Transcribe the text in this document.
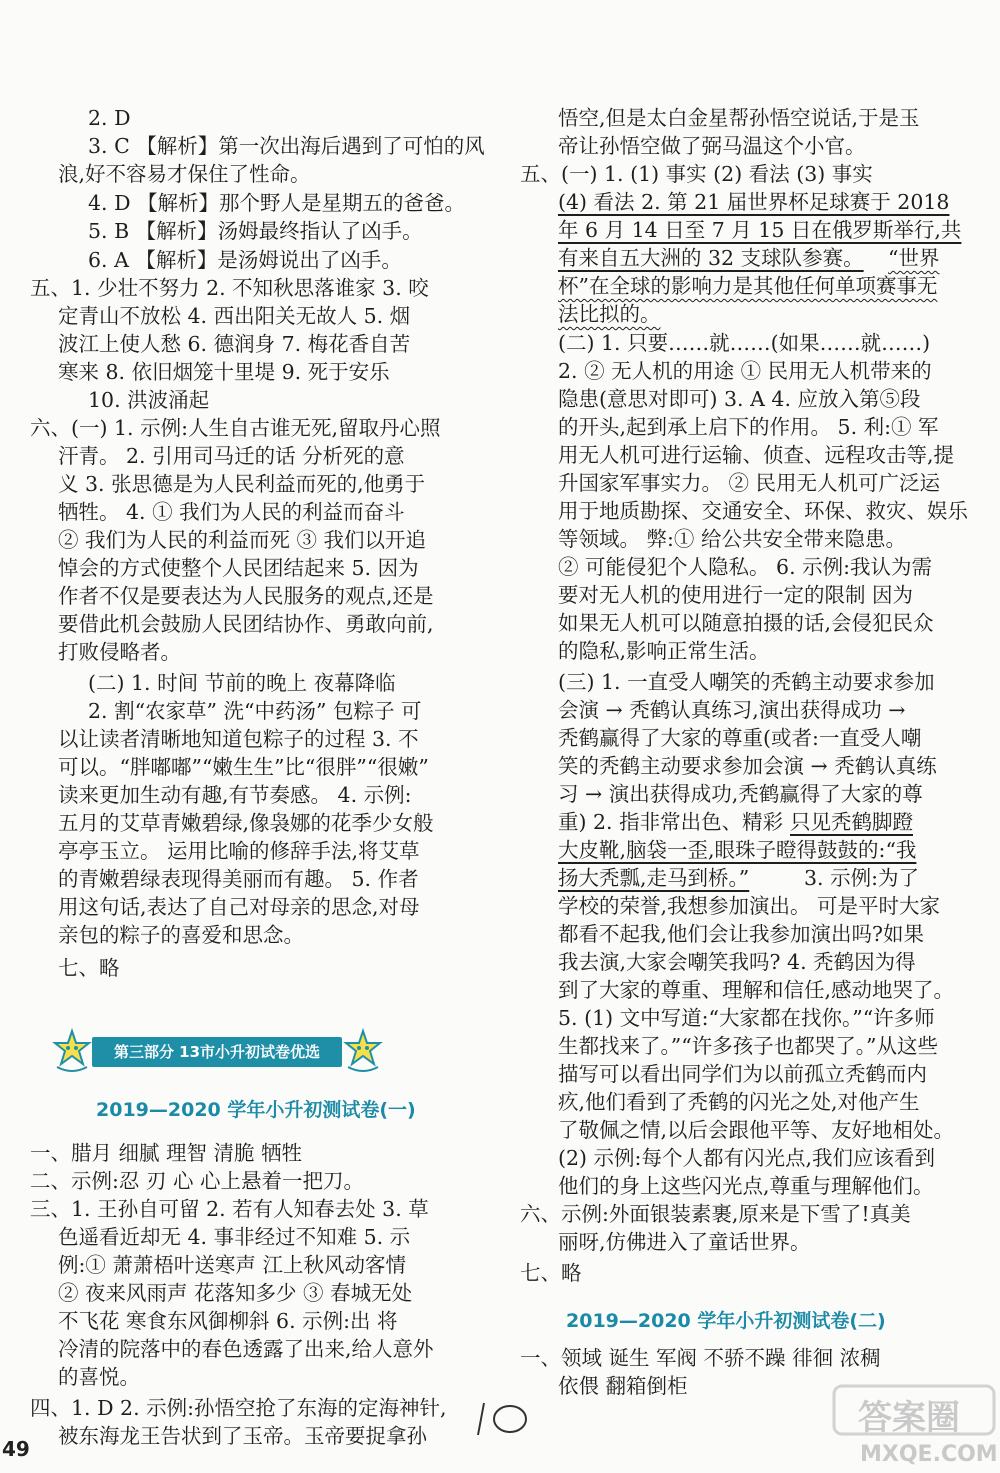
2. D
3. C 【解析】第一次出海后遇到了可怕的风
浪,好不容易才保住了性命。
4. D 【解析】那个野人是星期五的爸爸。
5. B 【解析】汤姆最终指认了凶手。
6. A 【解析】是汤姆说出了凶手。
五、1. 少壮不努力 2. 不知秋思落谁家 3. 咬
定青山不放松 4. 西出阳关无故人 5. 烟
波江上使人愁 6. 德润身 7. 梅花香自苦
寒来 8. 依旧烟笼十里堤 9. 死于安乐
10. 洪波涌起
六、(一) 1. 示例:人生自古谁无死,留取丹心照
汗青。 2. 引用司马迁的话 分析死的意
义 3. 张思德是为人民利益而死的,他勇于
牺牲。 4. ① 我们为人民的利益而奋斗
② 我们为人民的利益而死 ③ 我们以开追
悼会的方式使整个人民团结起来 5. 因为
作者不仅是要表达为人民服务的观点,还是
要借此机会鼓励人民团结协作、勇敢向前,
打败侵略者。
(二) 1. 时间 节前的晚上 夜幕降临
2. 割“农家草” 洗“中药汤” 包粽子 可
以让读者清晰地知道包粽子的过程 3. 不
可以。“胖嘟嘟”“嫩生生”比“很胖”“很嫩”
读来更加生动有趣,有节奏感。 4. 示例:
五月的艾草青嫩碧绿,像袅娜的花季少女般
亭亭玉立。 运用比喻的修辞手法,将艾草
的青嫩碧绿表现得美丽而有趣。 5. 作者
用这句话,表达了自己对母亲的思念,对母
亲包的粽子的喜爱和思念。
七、略
第三部分 13市小升初试卷优选
2019—2020 学年小升初测试卷(一)
一、腊月 细腻 理智 清脆 牺牲
二、示例:忍 刃 心 心上悬着一把刀。
三、1. 王孙自可留 2. 若有人知春去处 3. 草
色遥看近却无 4. 事非经过不知难 5. 示
例:① 萧萧梧叶送寒声 江上秋风动客情
② 夜来风雨声 花落知多少 ③ 春城无处
不飞花 寒食东风御柳斜 6. 示例:出 将
冷清的院落中的春色透露了出来,给人意外
的喜悦。
四、1. D 2. 示例:孙悟空抢了东海的定海神针,
被东海龙王告状到了玉帝。玉帝要捉拿孙
悟空,但是太白金星帮孙悟空说话,于是玉
帝让孙悟空做了弼马温这个小官。
五、(一) 1. (1) 事实 (2) 看法 (3) 事实
(4) 看法 2. 第 21 届世界杯足球赛于 2018
年 6 月 14 日至 7 月 15 日在俄罗斯举行,共
有来自五大洲的 32 支球队参赛。 “世界
杯”在全球的影响力是其他任何单项赛事无
法比拟的。
(二) 1. 只要……就……(如果……就……)
2. ② 无人机的用途 ① 民用无人机带来的
隐患(意思对即可) 3. A 4. 应放入第⑤段
的开头,起到承上启下的作用。 5. 利:① 军
用无人机可进行运输、侦查、远程攻击等,提
升国家军事实力。 ② 民用无人机可广泛运
用于地质勘探、交通安全、环保、救灾、娱乐
等领域。 弊:① 给公共安全带来隐患。
② 可能侵犯个人隐私。 6. 示例:我认为需
要对无人机的使用进行一定的限制 因为
如果无人机可以随意拍摄的话,会侵犯民众
的隐私,影响正常生活。
(三) 1. 一直受人嘲笑的秃鹤主动要求参加
会演 → 秃鹤认真练习,演出获得成功 →
秃鹤赢得了大家的尊重(或者:一直受人嘲
笑的秃鹤主动要求参加会演 → 秃鹤认真练
习 → 演出获得成功,秃鹤赢得了大家的尊
重) 2. 指非常出色、精彩 只见秃鹤脚蹬
大皮靴,脑袋一歪,眼珠子瞪得鼓鼓的:“我
扬大秃瓢,走马到桥。”	3. 示例:为了
学校的荣誉,我想参加演出。 可是平时大家
都看不起我,他们会让我参加演出吗?如果
我去演,大家会嘲笑我吗? 4. 秃鹤因为得
到了大家的尊重、理解和信任,感动地哭了。
5. (1) 文中写道:“大家都在找你。”“许多师
生都找来了。”“许多孩子也都哭了。”从这些
描写可以看出同学们为以前孤立秃鹤而内
疚,他们看到了秃鹤的闪光之处,对他产生
了敬佩之情,以后会跟他平等、友好地相处。
(2) 示例:每个人都有闪光点,我们应该看到
他们的身上这些闪光点,尊重与理解他们。
六、示例:外面银装素裹,原来是下雪了!真美
丽呀,仿佛进入了童话世界。
七、略
2019—2020 学年小升初测试卷(二)
一、领域 诞生 军阀 不骄不躁 徘徊 浓稠
依偎 翻箱倒柜
49
答案圈
MXQE.COM
